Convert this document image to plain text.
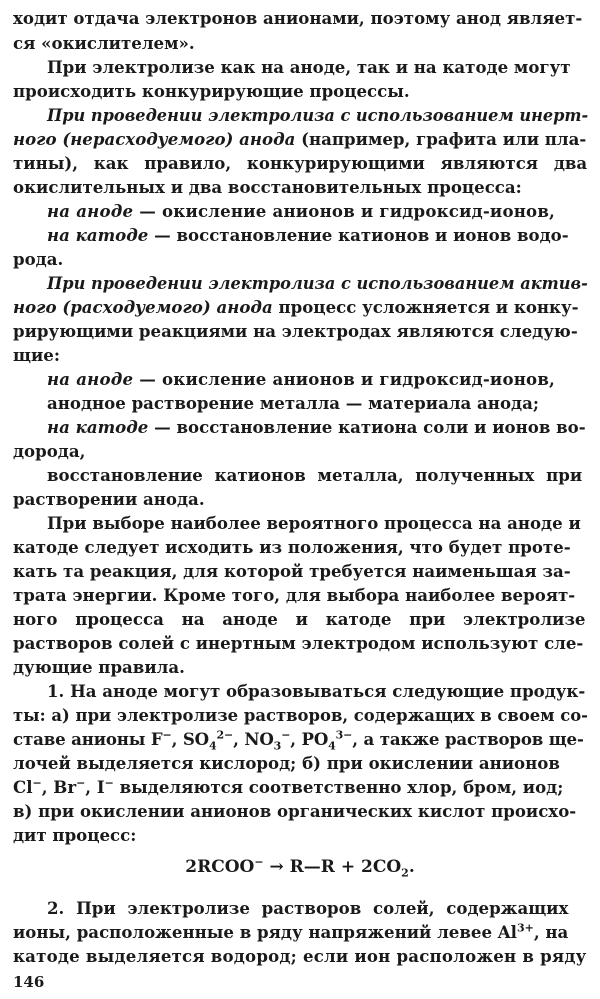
ходит отдача электронов анионами, поэтому анод являет-
ся «окислителем».
При электролизе как на аноде, так и на катоде могут
происходить конкурирующие процессы.
При проведении электролиза с использованием инерт-
ного (нерасходуемого) анода (например, графита или пла-
тины), как правило, конкурирующими являются два
окислительных и два восстановительных процесса:
на аноде — окисление анионов и гидроксид-ионов,
на катоде — восстановление катионов и ионов водо-
рода.
При проведении электролиза с использованием актив-
ного (расходуемого) анода процесс усложняется и конку-
рирующими реакциями на электродах являются следую-
щие:
на аноде — окисление анионов и гидроксид-ионов,
анодное растворение металла — материала анода;
на катоде — восстановление катиона соли и ионов во-
дорода,
восстановление катионов металла, полученных при
растворении анода.
При выборе наиболее вероятного процесса на аноде и
катоде следует исходить из положения, что будет проте-
кать та реакция, для которой требуется наименьшая за-
трата энергии. Кроме того, для выбора наиболее вероят-
ного процесса на аноде и катоде при электролизе
растворов солей с инертным электродом используют сле-
дующие правила.
1. На аноде могут образовываться следующие продук-
ты: а) при электролизе растворов, содержащих в своем со-
ставе анионы F−, $SO_4^{2-}$, $NO_3^-$, $PO_4^{3-}$, а также растворов ще-
лочей выделяется кислород; б) при окислении анионов
Cl−, Br−, I− выделяются соответственно хлор, бром, иод;
в) при окислении анионов органических кислот происхо-
дит процесс:
2RCOO− → R—R + $2CO_2$.
2. При электролизе растворов солей, содержащих
ионы, расположенные в ряду напряжений левее $Al^{3+}$, на
катоде выделяется водород; если ион расположен в ряду
146
